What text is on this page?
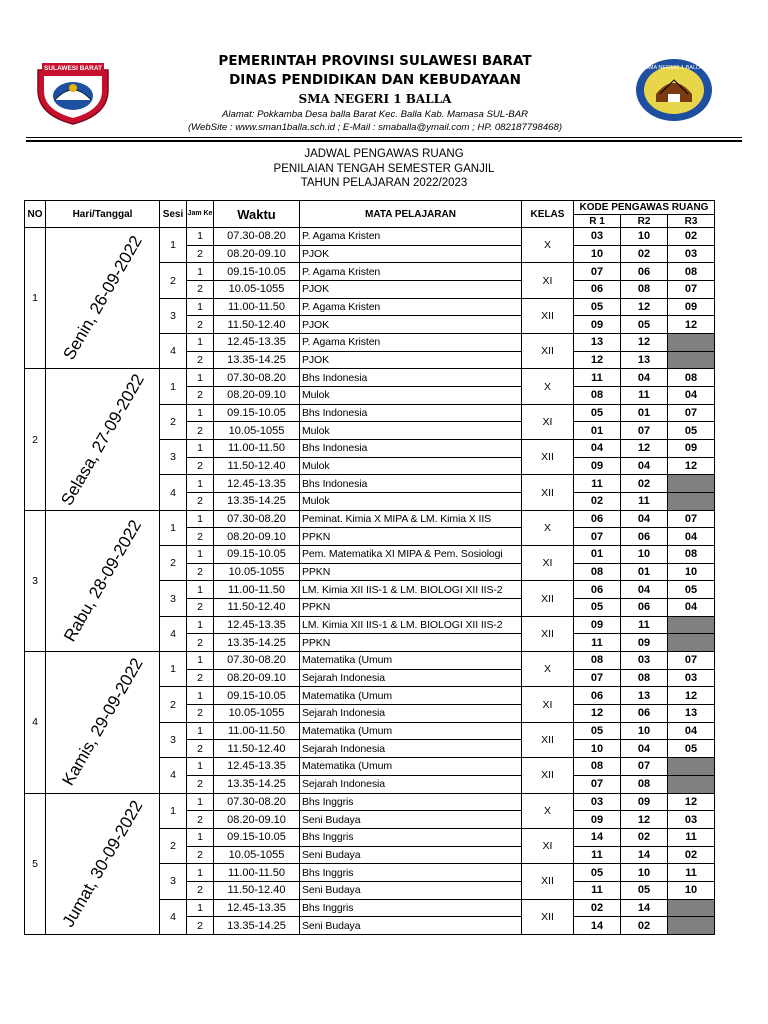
SULAWESI BARAT	PEMERINTAH PROVINSI SULAWESI BARAT
DINAS PENDIDIKAN DAN KEBUDAYAAN
SMA NEGERI 1 BALLA
Alamat: Pokkamba Desa balla Barat Kec. Balla Kab. Mamasa SUL-BAR
(WebSite : www.sman1balla.sch.id ; E-Mail : smaballa@ymail.com ; HP. 082187798468)
SMA NEGERI 1 BALLA
JADWAL PENGAWAS RUANG
PENILAIAN TENGAH SEMESTER GANJIL
TAHUN PELAJARAN 2022/2023
NO	Hari/Tanggal	Sesi	Jam Ke	Waktu	MATA PELAJARAN	KELAS	KODE PENGAWAS RUANG		
							R 1	R2	R3
1	Senin, 26-09-2022	1	1	07.30-08.20	P. Agama Kristen	X	03	10	02
			2	08.20-09.10	PJOK		10	02	03
		2	1	09.15-10.05	P. Agama Kristen	XI	07	06	08
			2	10.05-1055	PJOK		06	08	07
		3	1	11.00-11.50	P. Agama Kristen	XII	05	12	09
			2	11.50-12.40	PJOK		09	05	12
		4	1	12.45-13.35	P. Agama Kristen	XII	13	12	
			2	13.35-14.25	PJOK		12	13	
2	Selasa, 27-09-2022	1	1	07.30-08.20	Bhs Indonesia	X	11	04	08
			2	08.20-09.10	Mulok		08	11	04
		2	1	09.15-10.05	Bhs Indonesia	XI	05	01	07
			2	10.05-1055	Mulok		01	07	05
		3	1	11.00-11.50	Bhs Indonesia	XII	04	12	09
			2	11.50-12.40	Mulok		09	04	12
		4	1	12.45-13.35	Bhs Indonesia	XII	11	02	
			2	13.35-14.25	Mulok		02	11	
3	Rabu, 28-09-2022	1	1	07.30-08.20	Peminat. Kimia X MIPA & LM. Kimia X IIS	X	06	04	07
			2	08.20-09.10	PPKN		07	06	04
		2	1	09.15-10.05	Pem. Matematika XI MIPA & Pem. Sosiologi	XI	01	10	08
			2	10.05-1055	PPKN		08	01	10
		3	1	11.00-11.50	LM. Kimia XII IIS-1 & LM. BIOLOGI XII IIS-2	XII	06	04	05
			2	11.50-12.40	PPKN		05	06	04
		4	1	12.45-13.35	LM. Kimia XII IIS-1 & LM. BIOLOGI XII IIS-2	XII	09	11	
			2	13.35-14.25	PPKN		11	09	
4	Kamis, 29-09-2022	1	1	07.30-08.20	Matematika (Umum	X	08	03	07
			2	08.20-09.10	Sejarah Indonesia		07	08	03
		2	1	09.15-10.05	Matematika (Umum	XI	06	13	12
			2	10.05-1055	Sejarah Indonesia		12	06	13
		3	1	11.00-11.50	Matematika (Umum	XII	05	10	04
			2	11.50-12.40	Sejarah Indonesia		10	04	05
		4	1	12.45-13.35	Matematika (Umum	XII	08	07	
			2	13.35-14.25	Sejarah Indonesia		07	08	
5	Jumat, 30-09-2022	1	1	07.30-08.20	Bhs Inggris	X	03	09	12
			2	08.20-09.10	Seni Budaya		09	12	03
		2	1	09.15-10.05	Bhs Inggris	XI	14	02	11
			2	10.05-1055	Seni Budaya		11	14	02
		3	1	11.00-11.50	Bhs Inggris	XII	05	10	11
			2	11.50-12.40	Seni Budaya		11	05	10
		4	1	12.45-13.35	Bhs Inggris	XII	02	14	
			2	13.35-14.25	Seni Budaya		14	02	
